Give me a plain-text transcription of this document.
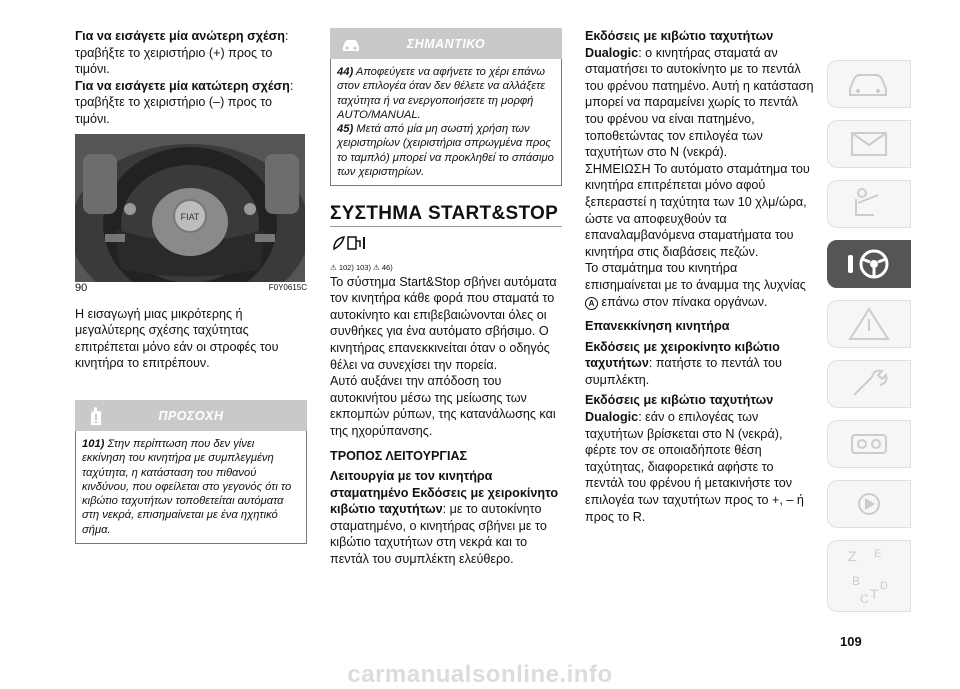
Για να εισάγετε μία ανώτερη σχέση: τραβήξτε το χειριστήριο (+) προς το τιμόνι.

Για να εισάγετε μία κατώτερη σχέση: τραβήξτε το χειριστήριο (–) προς το τιμόνι.

FIAT
90	F0Y0615C

Η εισαγωγή μιας μικρότερης ή μεγαλύτερης σχέσης ταχύτητας επιτρέπεται μόνο εάν οι στροφές του κινητήρα το επιτρέπουν.

ΠΡΟΣΟΧΗ
101) Στην περίπτωση που δεν γίνει εκκίνηση του κινητήρα με συμπλεγμένη ταχύτητα, η κατάσταση του πιθανού κινδύνου, που οφείλεται στο γεγονός ότι το κιβώτιο ταχυτήτων τοποθετείται αυτόματα στη νεκρά, επισημαίνεται με ένα ηχητικό σήμα.
ΣΗΜΑΝΤΙΚΟ

44) Αποφεύγετε να αφήνετε το χέρι επάνω στον επιλογέα όταν δεν θέλετε να αλλάξετε ταχύτητα ή να ενεργοποιήσετε τη μορφή AUTO/MANUAL.

45) Μετά από μία μη σωστή χρήση των χειριστηρίων (χειριστήρια σπρωγμένα προς το ταμπλό) μπορεί να προκληθεί το σπάσιμο των χειριστηρίων.

ΣΥΣΤΗΜΑ START&STOP
⚠ 102) 103) ⚠ 46)

Το σύστημα Start&Stop σβήνει αυτόματα τον κινητήρα κάθε φορά που σταματά το αυτοκίνητο και επιβεβαιώνονται όλες οι συνθήκες για ένα αυτόματο σβήσιμο. Ο κινητήρας επανεκκινείται όταν ο οδηγός θέλει να συνεχίσει την πορεία.

Αυτό αυξάνει την απόδοση του αυτοκινήτου μέσω της μείωσης των εκπομπών ρύπων, της κατανάλωσης και της ηχορύπανσης.

ΤΡΟΠΟΣ ΛΕΙΤΟΥΡΓΙΑΣ

Λειτουργία με τον κινητήρα σταματημένο Εκδόσεις με χειροκίνητο κιβώτιο ταχυτήτων: με το αυτοκίνητο σταματημένο, ο κινητήρας σβήνει με το κιβώτιο ταχυτήτων στη νεκρά και το πεντάλ του συμπλέκτη ελεύθερο.

Εκδόσεις με κιβώτιο ταχυτήτων Dualogic: ο κινητήρας σταματά αν σταματήσει το αυτοκίνητο με το πεντάλ του φρένου πατημένο. Αυτή η κατάσταση μπορεί να παραμείνει χωρίς το πεντάλ του φρένου να είναι πατημένο, τοποθετώντας τον επιλογέα των ταχυτήτων στο N (νεκρά).

ΣΗΜΕΙΩΣΗ Το αυτόματο σταμάτημα του κινητήρα επιτρέπεται μόνο αφού ξεπεραστεί η ταχύτητα των 10 χλμ/ώρα, ώστε να αποφευχθούν τα επαναλαμβανόμενα σταματήματα του κινητήρα στις διαβάσεις πεζών.

Το σταμάτημα του κινητήρα επισημαίνεται με το άναμμα της λυχνίας A επάνω στον πίνακα οργάνων.

Επανεκκίνηση κινητήρα

Εκδόσεις με χειροκίνητο κιβώτιο ταχυτήτων: πατήστε το πεντάλ του συμπλέκτη.

Εκδόσεις με κιβώτιο ταχυτήτων Dualogic: εάν ο επιλογέας των ταχυτήτων βρίσκεται στο N (νεκρά), φέρτε τον σε οποιαδήποτε θέση ταχύτητας, διαφορετικά αφήστε το πεντάλ του φρένου ή μετακινήστε τον επιλογέα των ταχυτήτων προς το +, – ή προς το R.

Z E
B
C T D
109
carmanualsonline.info
